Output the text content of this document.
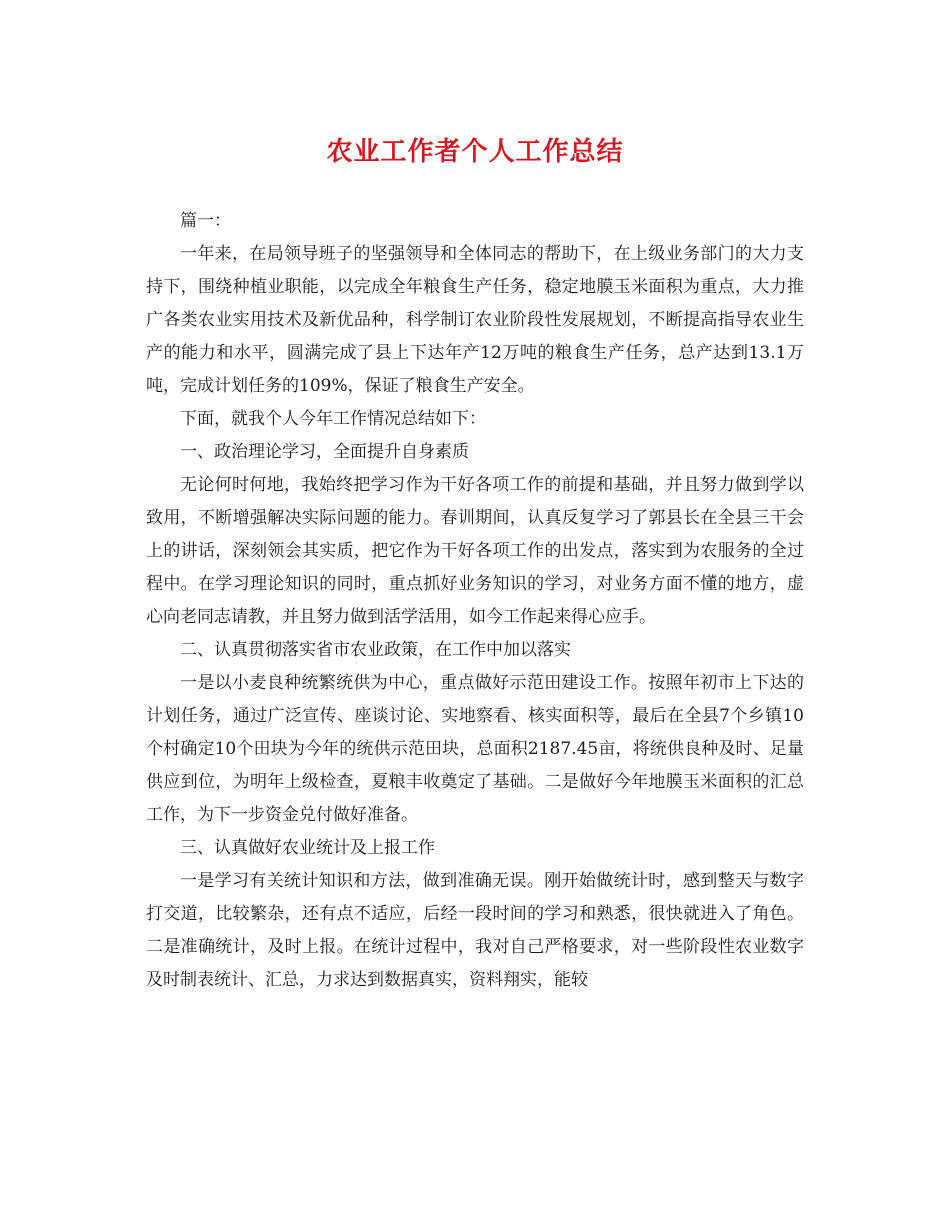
农业工作者个人工作总结

篇一：

一年来，在局领导班子的坚强领导和全体同志的帮助下，在上级业务部门的大力支持下，围绕种植业职能，以完成全年粮食生产任务，稳定地膜玉米面积为重点，大力推广各类农业实用技术及新优品种，科学制订农业阶段性发展规划，不断提高指导农业生产的能力和水平，圆满完成了县上下达年产12万吨的粮食生产任务，总产达到13.1万吨，完成计划任务的109%，保证了粮食生产安全。

下面，就我个人今年工作情况总结如下：

一、政治理论学习，全面提升自身素质

无论何时何地，我始终把学习作为干好各项工作的前提和基础，并且努力做到学以致用，不断增强解决实际问题的能力。春训期间，认真反复学习了郭县长在全县三干会上的讲话，深刻领会其实质，把它作为干好各项工作的出发点，落实到为农服务的全过程中。在学习理论知识的同时，重点抓好业务知识的学习，对业务方面不懂的地方，虚心向老同志请教，并且努力做到活学活用，如今工作起来得心应手。

二、认真贯彻落实省市农业政策，在工作中加以落实

一是以小麦良种统繁统供为中心，重点做好示范田建设工作。按照年初市上下达的计划任务，通过广泛宣传、座谈讨论、实地察看、核实面积等，最后在全县7个乡镇10个村确定10个田块为今年的统供示范田块，总面积2187.45亩，将统供良种及时、足量供应到位，为明年上级检查，夏粮丰收奠定了基础。二是做好今年地膜玉米面积的汇总工作，为下一步资金兑付做好准备。

三、认真做好农业统计及上报工作

一是学习有关统计知识和方法，做到准确无误。刚开始做统计时，感到整天与数字打交道，比较繁杂，还有点不适应，后经一段时间的学习和熟悉，很快就进入了角色。二是准确统计，及时上报。在统计过程中，我对自己严格要求，对一些阶段性农业数字及时制表统计、汇总，力求达到数据真实，资料翔实，能较
